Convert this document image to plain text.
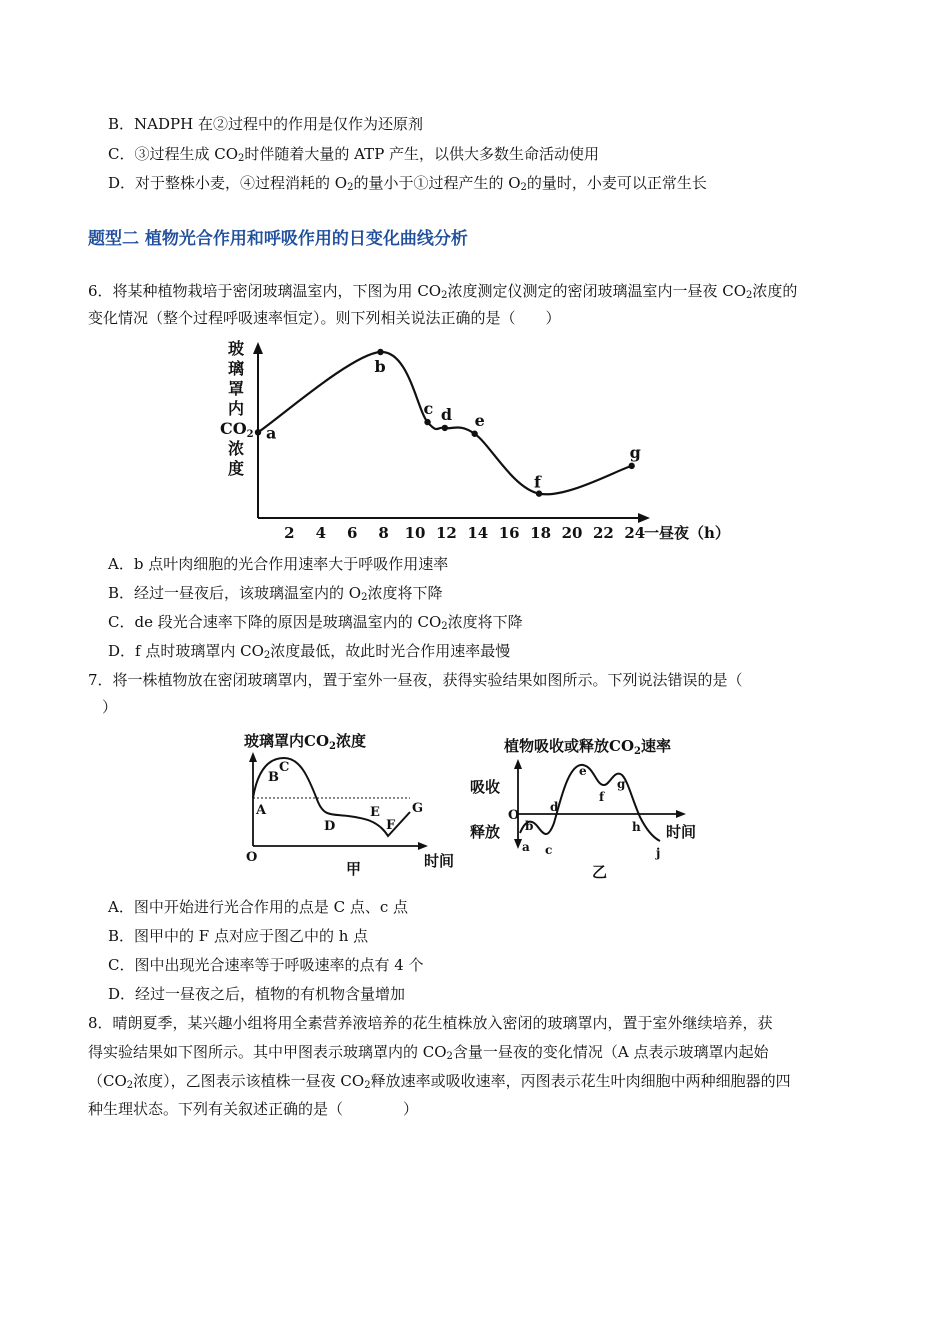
B．NADPH 在②过程中的作用是仅作为还原剂
C．③过程生成 $CO_2$时伴随着大量的 ATP 产生，以供大多数生命活动使用
D．对于整株小麦，④过程消耗的 $O_2$的量小于①过程产生的 $O_2$的量时，小麦可以正常生长
题型二 植物光合作用和呼吸作用的日变化曲线分析
6．将某种植物栽培于密闭玻璃温室内，下图为用 $CO_2$浓度测定仪测定的密闭玻璃温室内一昼夜 $CO_2$浓度的
变化情况（整个过程呼吸速率恒定）。则下列相关说法正确的是（　　）
玻
璃
罩
内
CO2
浓
度
2 4 6 8 10 12 14 16 18 20 22 24
一昼夜（h）
a
b
c d e
f
g
A．b 点叶肉细胞的光合作用速率大于呼吸作用速率
B．经过一昼夜后，该玻璃温室内的 $O_2$浓度将下降
C．de 段光合速率下降的原因是玻璃温室内的 $CO_2$浓度将下降
D．f 点时玻璃罩内 $CO_2$浓度最低，故此时光合作用速率最慢
7．将一株植物放在密闭玻璃罩内，置于室外一昼夜，获得实验结果如图所示。下列说法错误的是（
）
玻璃罩内$CO_2$浓度
A
B
C
D
E
F
G
O
甲	时间
植物吸收或释放$CO_2$速率
吸收
释放
O
a
b
c
d
e
f
g
h
j
时间
乙
A．图中开始进行光合作用的点是 C 点、c 点
B．图甲中的 F 点对应于图乙中的 h 点
C．图中出现光合速率等于呼吸速率的点有 4 个
D．经过一昼夜之后，植物的有机物含量增加
8．晴朗夏季，某兴趣小组将用全素营养液培养的花生植株放入密闭的玻璃罩内，置于室外继续培养，获
得实验结果如下图所示。其中甲图表示玻璃罩内的 $CO_2$含量一昼夜的变化情况（A 点表示玻璃罩内起始
（$CO_2$浓度），乙图表示该植株一昼夜 $CO_2$释放速率或吸收速率，丙图表示花生叶肉细胞中两种细胞器的四
种生理状态。下列有关叙述正确的是（　　　　）
